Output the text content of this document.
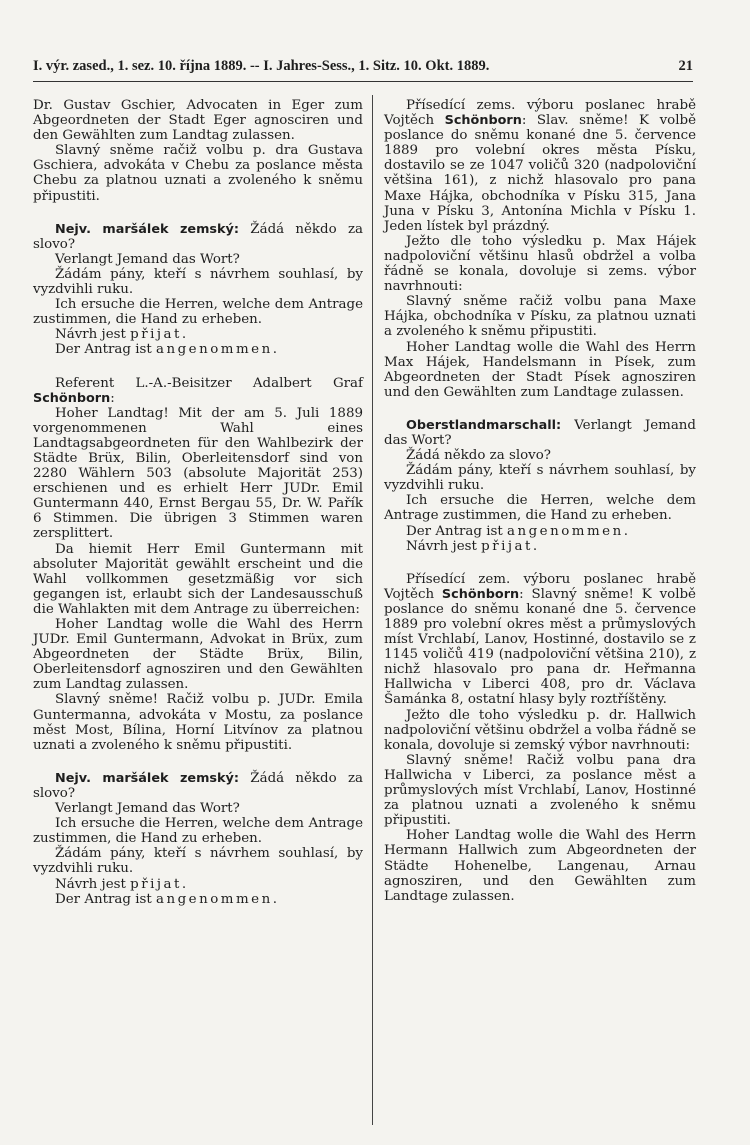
I. výr. zased., 1. sez. 10. října 1889. -- I. Jahres-Sess., 1. Sitz. 10. Okt. 1889.	21

Dr. Gustav Gschier, Advocaten in Eger zum Abgeordneten der Stadt Eger agnosciren und den Gewählten zum Landtag zulassen.

Slavný sněme račiž volbu p. dra Gustava Gschiera, advokáta v Chebu za poslance města Chebu za platnou uznati a zvoleného k sněmu připustiti.

Nejv. maršálek zemský: Žádá někdo za slovo?

Verlangt Jemand das Wort?

Žádám pány, kteří s návrhem souhlasí, by vyzdvihli ruku.

Ich ersuche die Herren, welche dem Antrage zustimmen, die Hand zu erheben.

Návrh jest přijat.

Der Antrag ist angenommen.

Referent L.-A.-Beisitzer Adalbert Graf Schönborn:

Hoher Landtag! Mit der am 5. Juli 1889 vorgenommenen Wahl eines Landtagsabgeordneten für den Wahlbezirk der Städte Brüx, Bilin, Oberleitensdorf sind von 2280 Wählern 503 (absolute Majorität 253) erschienen und es erhielt Herr JUDr. Emil Guntermann 440, Ernst Bergau 55, Dr. W. Pařík 6 Stimmen. Die übrigen 3 Stimmen waren zersplittert.

Da hiemit Herr Emil Guntermann mit absoluter Majorität gewählt erscheint und die Wahl vollkommen gesetzmäßig vor sich gegangen ist, erlaubt sich der Landesausschuß die Wahlakten mit dem Antrage zu überreichen:

Hoher Landtag wolle die Wahl des Herrn JUDr. Emil Guntermann, Advokat in Brüx, zum Abgeordneten der Städte Brüx, Bilin, Oberleitensdorf agnosziren und den Gewählten zum Landtag zulassen.

Slavný sněme! Račiž volbu p. JUDr. Emila Guntermanna, advokáta v Mostu, za poslance měst Most, Bílina, Horní Litvínov za platnou uznati a zvoleného k sněmu připustiti.

Nejv. maršálek zemský: Žádá někdo za slovo?

Verlangt Jemand das Wort?

Ich ersuche die Herren, welche dem Antrage zustimmen, die Hand zu erheben.

Žádám pány, kteří s návrhem souhlasí, by vyzdvihli ruku.

Návrh jest přijat.

Der Antrag ist angenommen.

Přísedící zems. výboru poslanec hrabě Vojtěch Schönborn: Slav. sněme! K volbě poslance do sněmu konané dne 5. července 1889 pro volební okres města Písku, dostavilo se ze 1047 voličů 320 (nadpoloviční většina 161), z nichž hlasovalo pro pana Maxe Hájka, obchodníka v Písku 315, Jana Juna v Písku 3, Antonína Michla v Písku 1. Jeden lístek byl prázdný.

Ježto dle toho výsledku p. Max Hájek nadpoloviční většinu hlasů obdržel a volba řádně se konala, dovoluje si zems. výbor navrhnouti:

Slavný sněme račiž volbu pana Maxe Hájka, obchodníka v Písku, za platnou uznati a zvoleného k sněmu připustiti.

Hoher Landtag wolle die Wahl des Herrn Max Hájek, Handelsmann in Písek, zum Abgeordneten der Stadt Písek agnosziren und den Gewählten zum Landtage zulassen.

Oberstlandmarschall: Verlangt Jemand das Wort?

Žádá někdo za slovo?

Žádám pány, kteří s návrhem souhlasí, by vyzdvihli ruku.

Ich ersuche die Herren, welche dem Antrage zustimmen, die Hand zu erheben.

Der Antrag ist angenommen.

Návrh jest přijat.

Přísedící zem. výboru poslanec hrabě Vojtěch Schönborn: Slavný sněme! K volbě poslance do sněmu konané dne 5. července 1889 pro volební okres měst a průmyslových míst Vrchlabí, Lanov, Hostinné, dostavilo se z 1145 voličů 419 (nadpoloviční většina 210), z nichž hlasovalo pro pana dr. Heřmanna Hallwicha v Liberci 408, pro dr. Václava Šamánka 8, ostatní hlasy byly roztříštěny.

Ježto dle toho výsledku p. dr. Hallwich nadpoloviční většinu obdržel a volba řádně se konala, dovoluje si zemský výbor navrhnouti:

Slavný sněme! Račiž volbu pana dra Hallwicha v Liberci, za poslance měst a průmyslových míst Vrchlabí, Lanov, Hostinné za platnou uznati a zvoleného k sněmu připustiti.

Hoher Landtag wolle die Wahl des Herrn Hermann Hallwich zum Abgeordneten der Städte Hohenelbe, Langenau, Arnau agnosziren, und den Gewählten zum Landtage zulassen.
